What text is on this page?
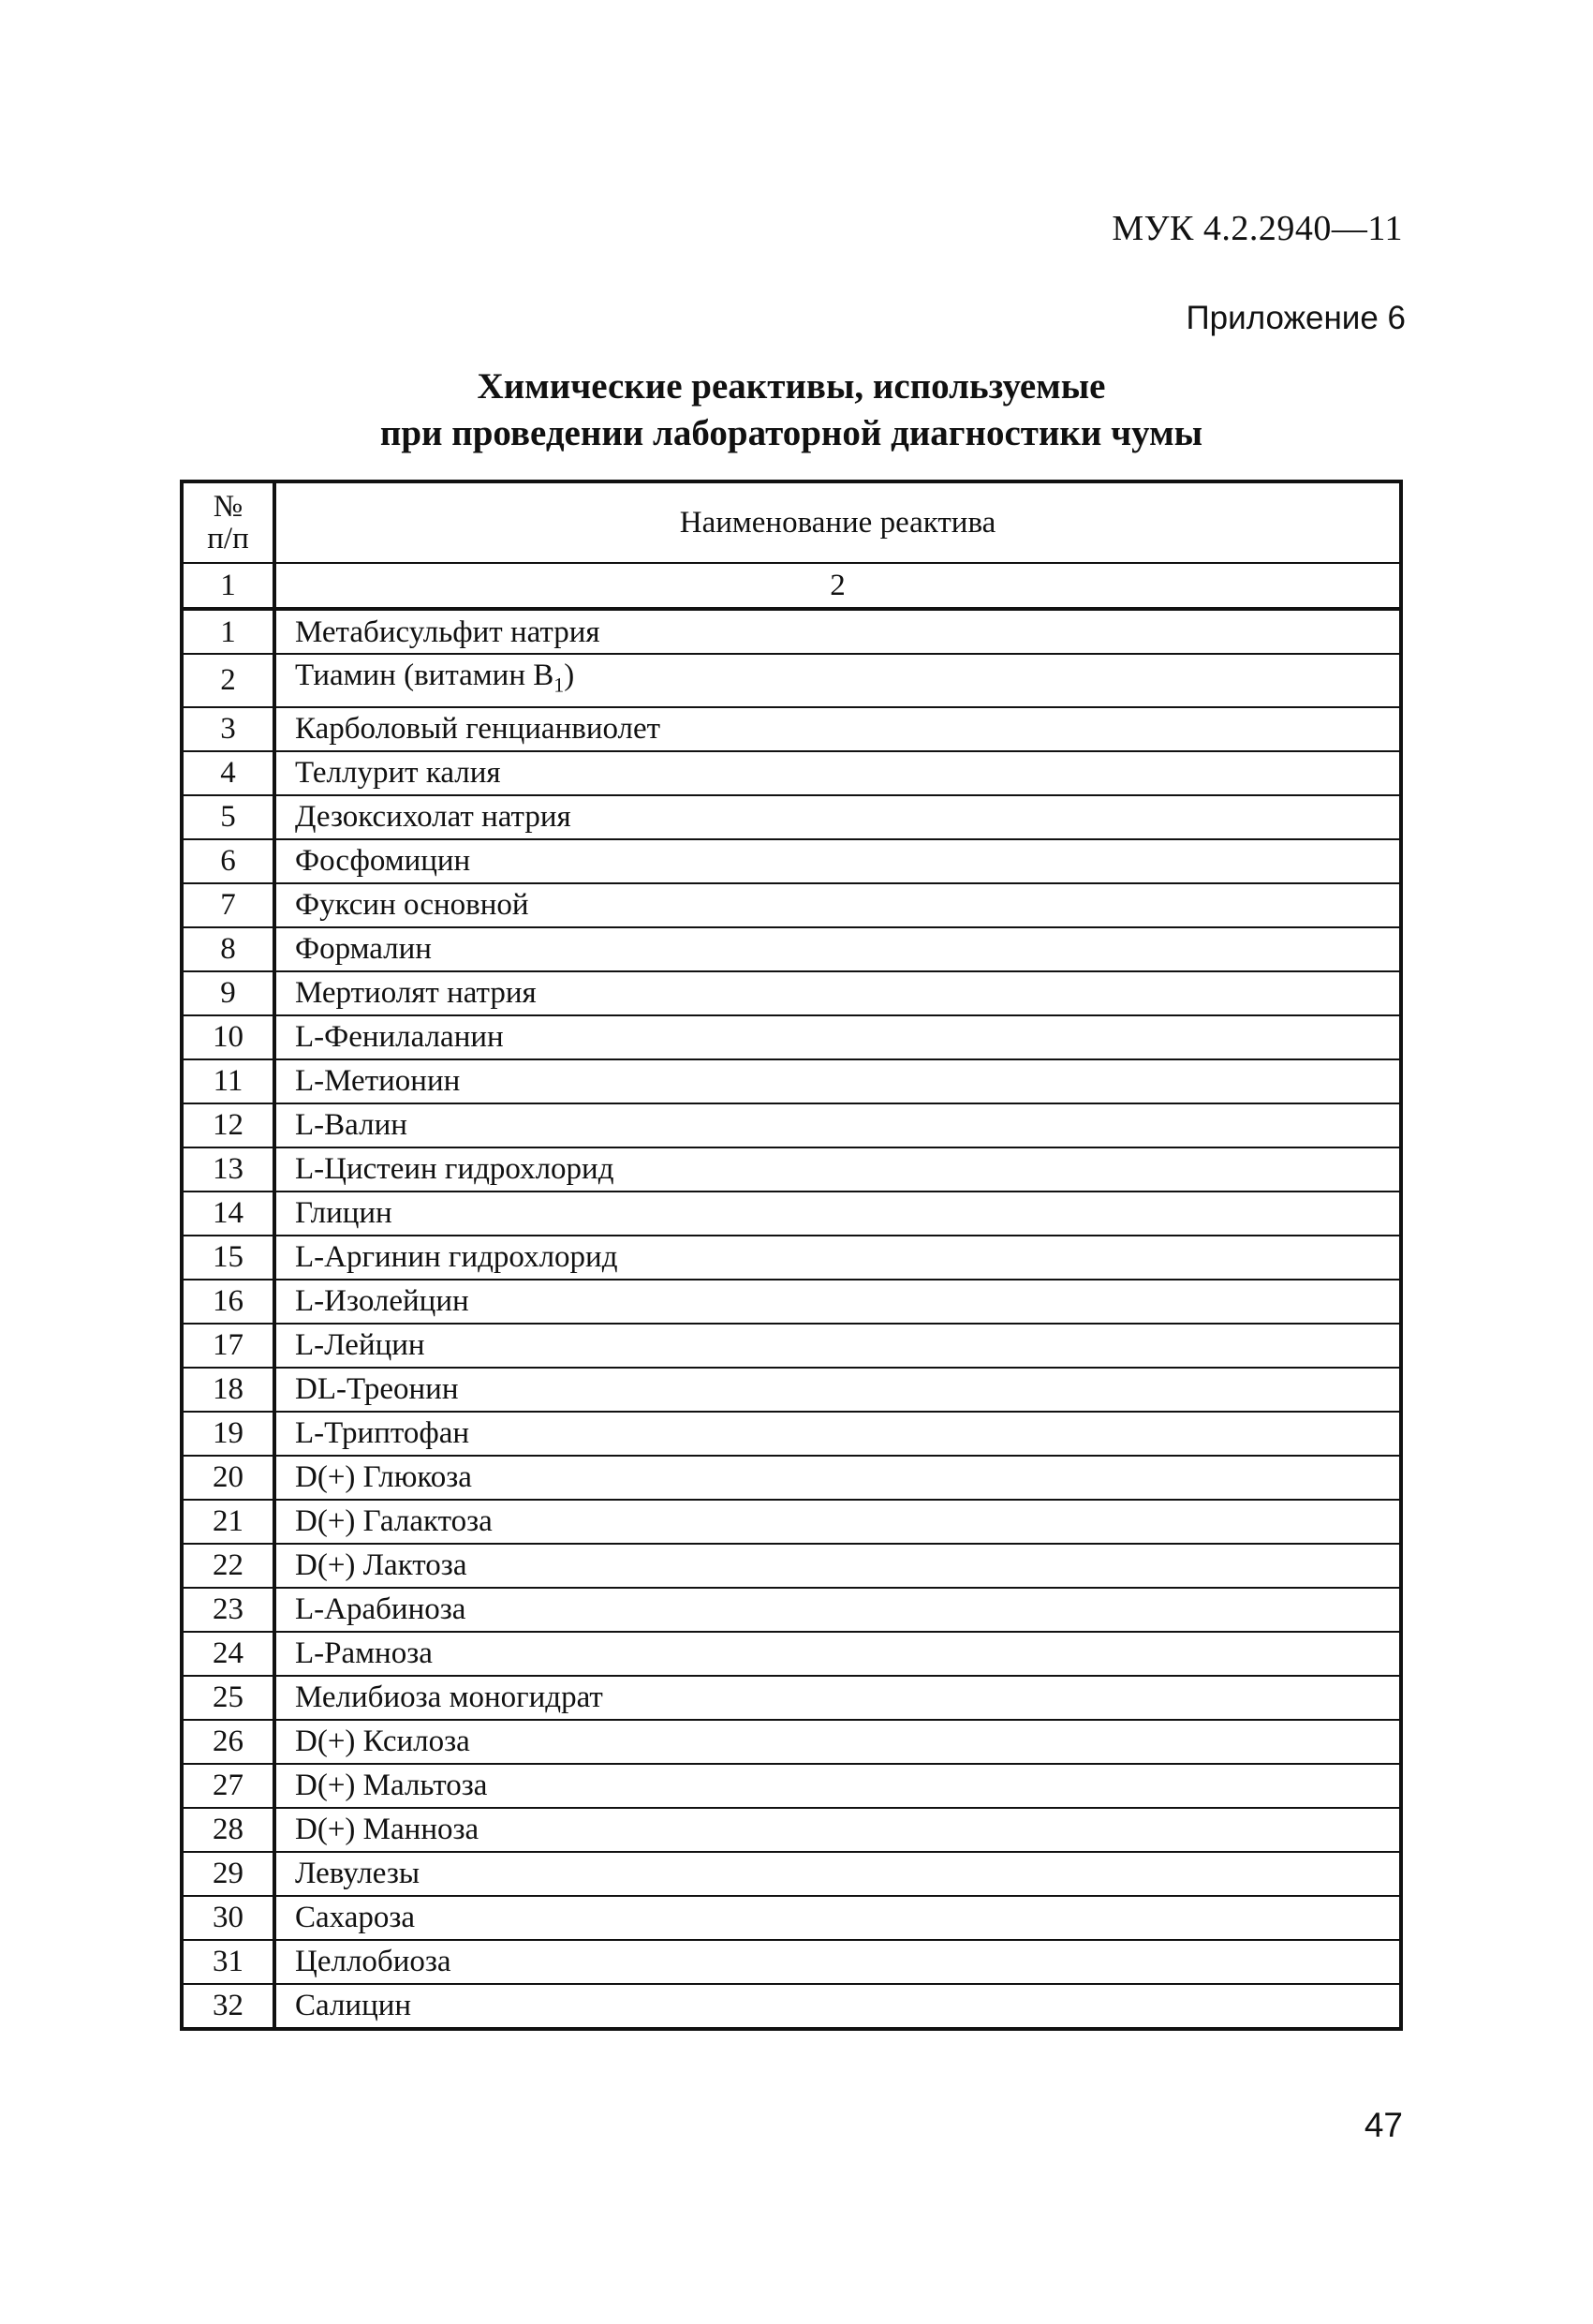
МУК 4.2.2940—11
Приложение 6
Химические реактивы, используемые
при проведении лабораторной диагностики чумы
№
п/п	Наименование реактива
1	2
1	Метабисульфит натрия
2	Тиамин (витамин $B_1$)
3	Карболовый генцианвиолет
4	Теллурит калия
5	Дезоксихолат натрия
6	Фосфомицин
7	Фуксин основной
8	Формалин
9	Мертиолят натрия
10	L-Фенилаланин
11	L-Метионин
12	L-Валин
13	L-Цистеин гидрохлорид
14	Глицин
15	L-Аргинин гидрохлорид
16	L-Изолейцин
17	L-Лейцин
18	DL-Треонин
19	L-Триптофан
20	D(+) Глюкоза
21	D(+) Галактоза
22	D(+) Лактоза
23	L-Арабиноза
24	L-Рамноза
25	Мелибиоза моногидрат
26	D(+) Ксилоза
27	D(+) Мальтоза
28	D(+) Манноза
29	Левулезы
30	Сахароза
31	Целлобиоза
32	Салицин
47
